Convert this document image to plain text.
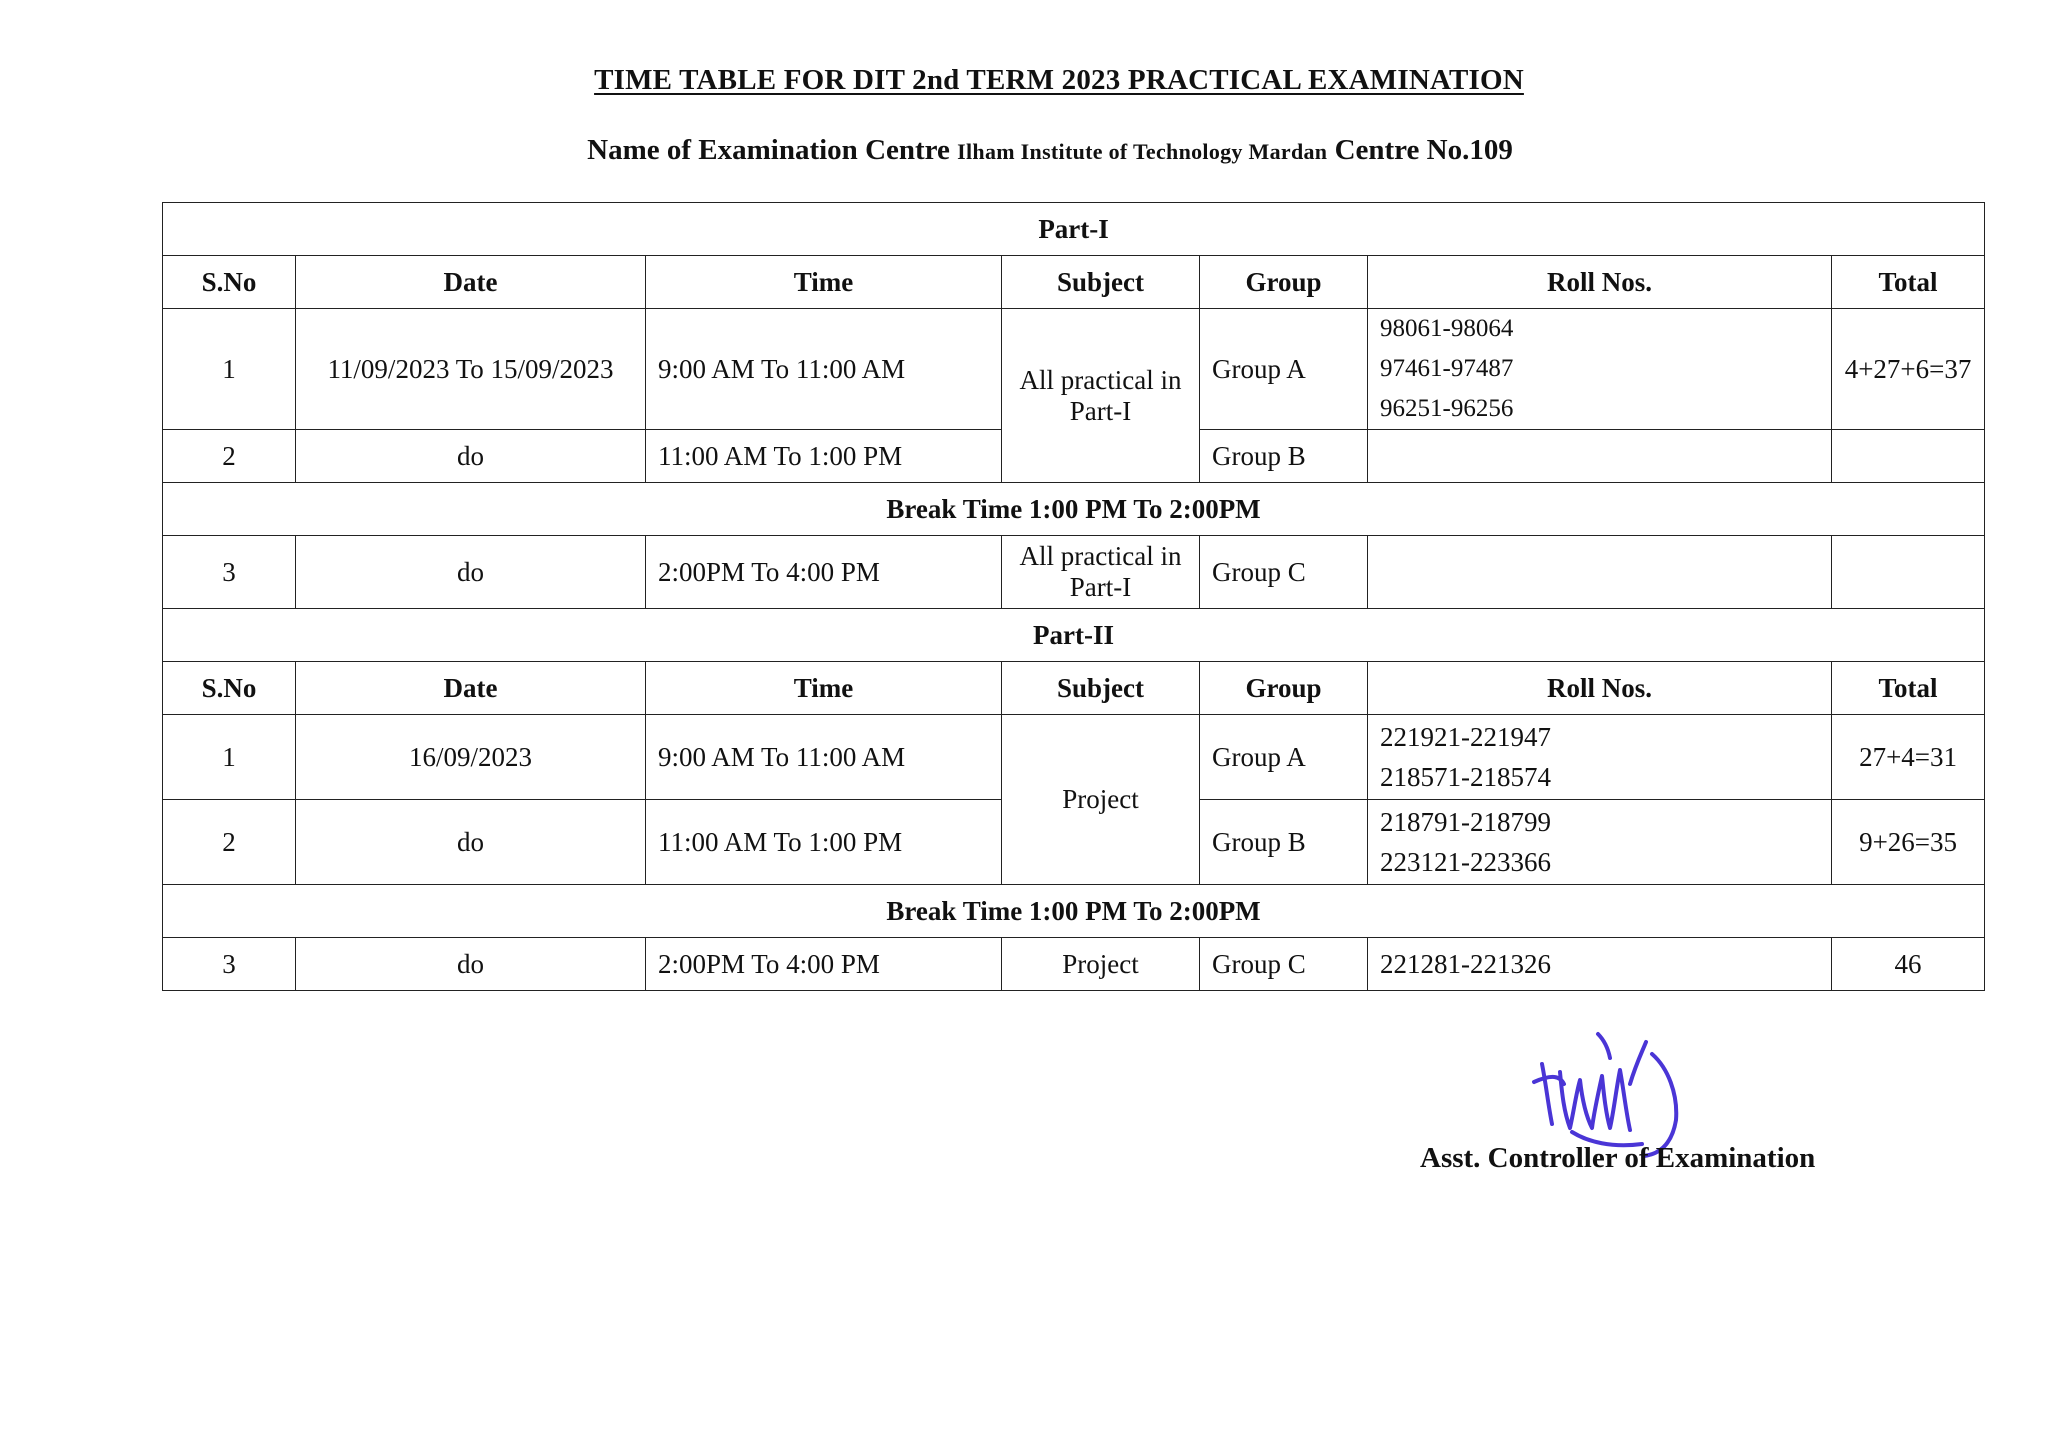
TIME TABLE FOR DIT 2nd TERM 2023 PRACTICAL EXAMINATION
Name of Examination Centre Ilham Institute of Technology Mardan Centre No.109
Part-I						
S.No	Date	Time	Subject	Group	Roll Nos.	Total
1	11/09/2023 To 15/09/2023	9:00 AM To 11:00 AM	All practical in Part-I	Group A	98061-98064
97461-97487
96251-96256	4+27+6=37
2	do	11:00 AM To 1:00 PM		Group B		
Break Time 1:00 PM To 2:00PM						
3	do	2:00PM To 4:00 PM	All practical in Part-I	Group C		
Part-II						
S.No	Date	Time	Subject	Group	Roll Nos.	Total
1	16/09/2023	9:00 AM To 11:00 AM	Project	Group A	221921-221947
218571-218574	27+4=31
2	do	11:00 AM To 1:00 PM		Group B	218791-218799
223121-223366	9+26=35
Break Time 1:00 PM To 2:00PM						
3	do	2:00PM To 4:00 PM	Project	Group C	221281-221326	46
Asst. Controller of Examination
